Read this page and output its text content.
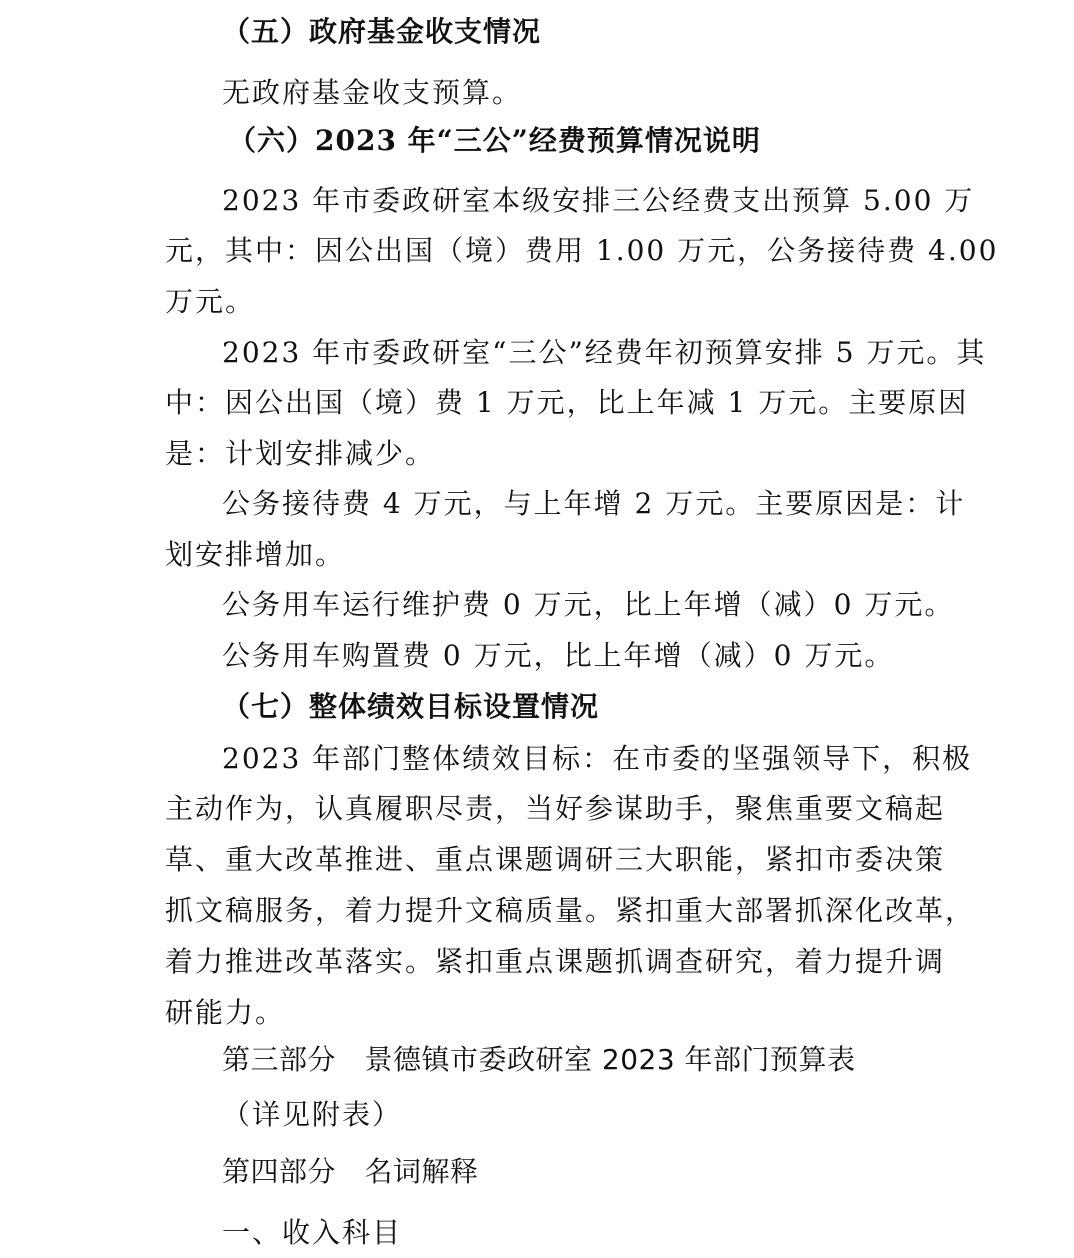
（五）政府基金收支情况
无政府基金收支预算。
（六）2023 年“三公”经费预算情况说明
2023 年市委政研室本级安排三公经费支出预算 5.00 万
元，其中：因公出国（境）费用 1.00 万元，公务接待费 4.00
万元。
2023 年市委政研室“三公”经费年初预算安排 5 万元。其
中：因公出国（境）费 1 万元，比上年减 1 万元。主要原因
是：计划安排减少。
公务接待费 4 万元，与上年增 2 万元。主要原因是：计
划安排增加。
公务用车运行维护费 0 万元，比上年增（减）0 万元。
公务用车购置费 0 万元，比上年增（减）0 万元。
（七）整体绩效目标设置情况
2023 年部门整体绩效目标：在市委的坚强领导下，积极
主动作为，认真履职尽责，当好参谋助手，聚焦重要文稿起
草、重大改革推进、重点课题调研三大职能，紧扣市委决策
抓文稿服务，着力提升文稿质量。紧扣重大部署抓深化改革，
着力推进改革落实。紧扣重点课题抓调查研究，着力提升调
研能力。
第三部分　景德镇市委政研室 2023 年部门预算表
（详见附表）
第四部分　名词解释
一、收入科目
